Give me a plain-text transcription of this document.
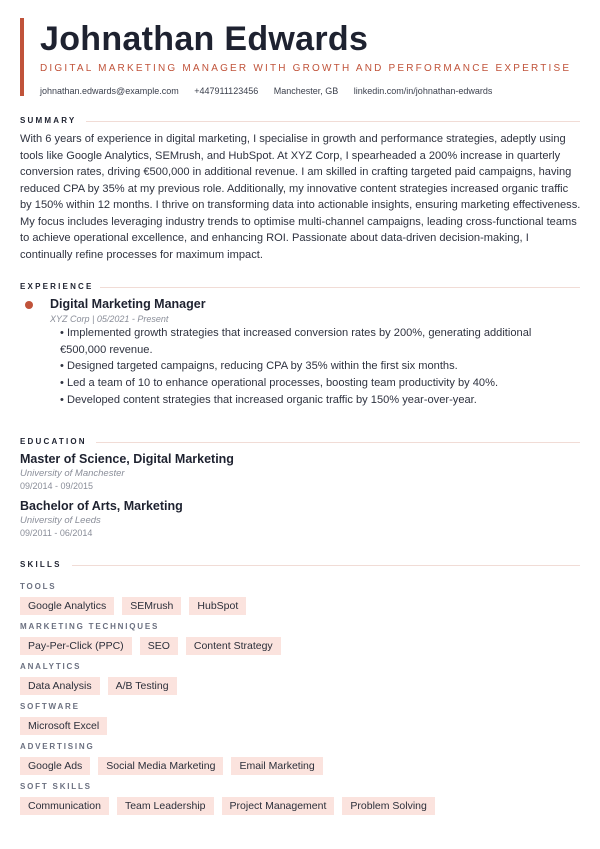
Johnathan Edwards
DIGITAL MARKETING MANAGER WITH GROWTH AND PERFORMANCE EXPERTISE
johnathan.edwards@example.com +447911123456 Manchester, GB linkedin.com/in/johnathan-edwards
SUMMARY

With 6 years of experience in digital marketing, I specialise in growth and performance strategies, adeptly using tools like Google Analytics, SEMrush, and HubSpot. At XYZ Corp, I spearheaded a 200% increase in quarterly conversion rates, driving €500,000 in additional revenue. I am skilled in crafting targeted paid campaigns, having reduced CPA by 35% at my previous role. Additionally, my innovative content strategies increased organic traffic by 150% within 12 months. I thrive on transforming data into actionable insights, ensuring marketing effectiveness. My focus includes leveraging industry trends to optimise multi-channel campaigns, leading cross-functional teams to achieve operational excellence, and enhancing ROI. Passionate about data-driven decision-making, I continually refine processes for maximum impact.

EXPERIENCE
Digital Marketing Manager
XYZ Corp | 05/2021 - Present
• Implemented growth strategies that increased conversion rates by 200%, generating additional €500,000 revenue.
• Designed targeted campaigns, reducing CPA by 35% within the first six months.
• Led a team of 10 to enhance operational processes, boosting team productivity by 40%.
• Developed content strategies that increased organic traffic by 150% year-over-year.
EDUCATION
Master of Science, Digital Marketing
University of Manchester
09/2014 - 09/2015
Bachelor of Arts, Marketing
University of Leeds
09/2011 - 06/2014
SKILLS
TOOLS
Google Analytics	SEMrush	HubSpot
MARKETING TECHNIQUES
Pay-Per-Click (PPC)	SEO	Content Strategy
ANALYTICS
Data Analysis	A/B Testing
SOFTWARE
Microsoft Excel
ADVERTISING
Google Ads	Social Media Marketing	Email Marketing
SOFT SKILLS
Communication	Team Leadership	Project Management	Problem Solving
